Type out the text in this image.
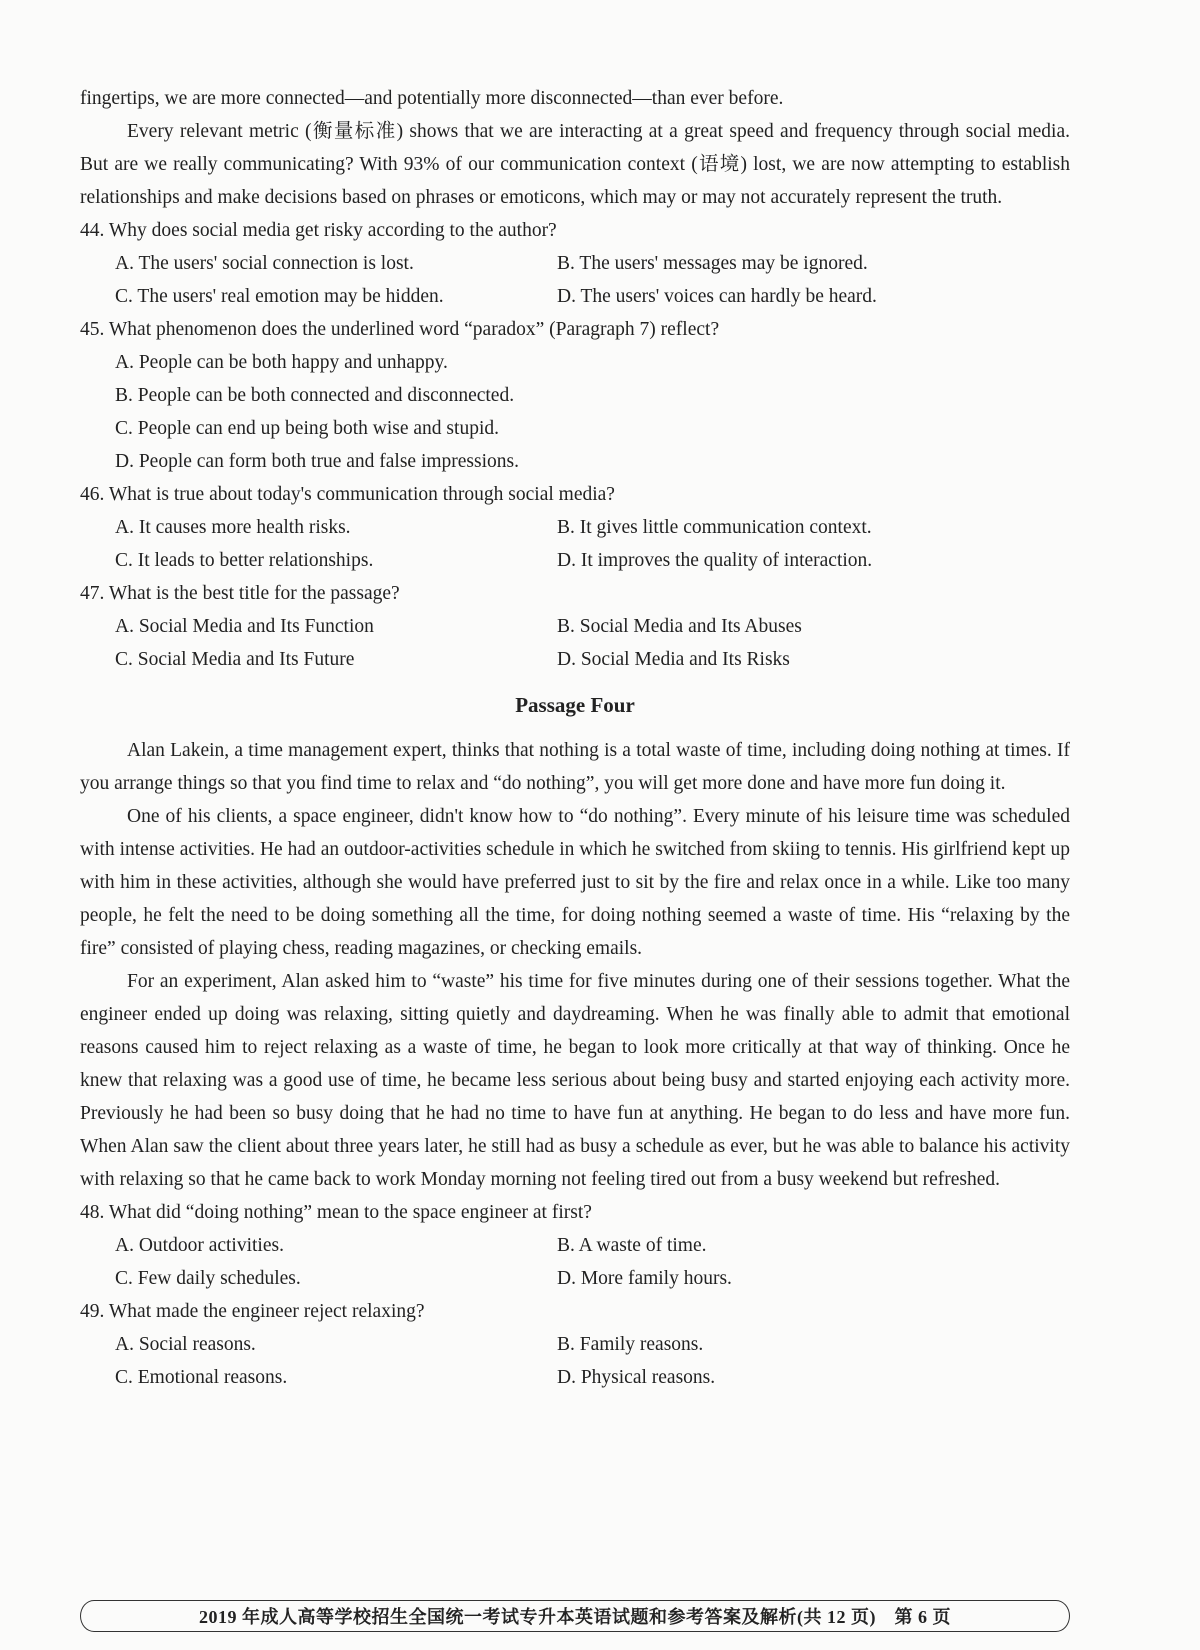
fingertips, we are more connected—and potentially more disconnected—than ever before.

Every relevant metric (衡量标准) shows that we are interacting at a great speed and frequency through social media. But are we really communicating? With 93% of our communication context (语境) lost, we are now attempting to establish relationships and make decisions based on phrases or emoticons, which may or may not accurately represent the truth.

44. Why does social media get risky according to the author?
A. The users' social connection is lost.	B. The users' messages may be ignored.
C. The users' real emotion may be hidden.	D. The users' voices can hardly be heard.
45. What phenomenon does the underlined word “paradox” (Paragraph 7) reflect?
A. People can be both happy and unhappy.
B. People can be both connected and disconnected.
C. People can end up being both wise and stupid.
D. People can form both true and false impressions.
46. What is true about today's communication through social media?
A. It causes more health risks.	B. It gives little communication context.
C. It leads to better relationships.	D. It improves the quality of interaction.
47. What is the best title for the passage?
A. Social Media and Its Function	B. Social Media and Its Abuses
C. Social Media and Its Future	D. Social Media and Its Risks
Passage Four

Alan Lakein, a time management expert, thinks that nothing is a total waste of time, including doing nothing at times. If you arrange things so that you find time to relax and “do nothing”, you will get more done and have more fun doing it.

One of his clients, a space engineer, didn't know how to “do nothing”. Every minute of his leisure time was scheduled with intense activities. He had an outdoor-activities schedule in which he switched from skiing to tennis. His girlfriend kept up with him in these activities, although she would have preferred just to sit by the fire and relax once in a while. Like too many people, he felt the need to be doing something all the time, for doing nothing seemed a waste of time. His “relaxing by the fire” consisted of playing chess, reading magazines, or checking emails.

For an experiment, Alan asked him to “waste” his time for five minutes during one of their sessions together. What the engineer ended up doing was relaxing, sitting quietly and daydreaming. When he was finally able to admit that emotional reasons caused him to reject relaxing as a waste of time, he began to look more critically at that way of thinking. Once he knew that relaxing was a good use of time, he became less serious about being busy and started enjoying each activity more. Previously he had been so busy doing that he had no time to have fun at anything. He began to do less and have more fun. When Alan saw the client about three years later, he still had as busy a schedule as ever, but he was able to balance his activity with relaxing so that he came back to work Monday morning not feeling tired out from a busy weekend but refreshed.

48. What did “doing nothing” mean to the space engineer at first?
A. Outdoor activities.	B. A waste of time.
C. Few daily schedules.	D. More family hours.
49. What made the engineer reject relaxing?
A. Social reasons.	B. Family reasons.
C. Emotional reasons.	D. Physical reasons.
2019 年成人高等学校招生全国统一考试专升本英语试题和参考答案及解析(共 12 页)　第 6 页
